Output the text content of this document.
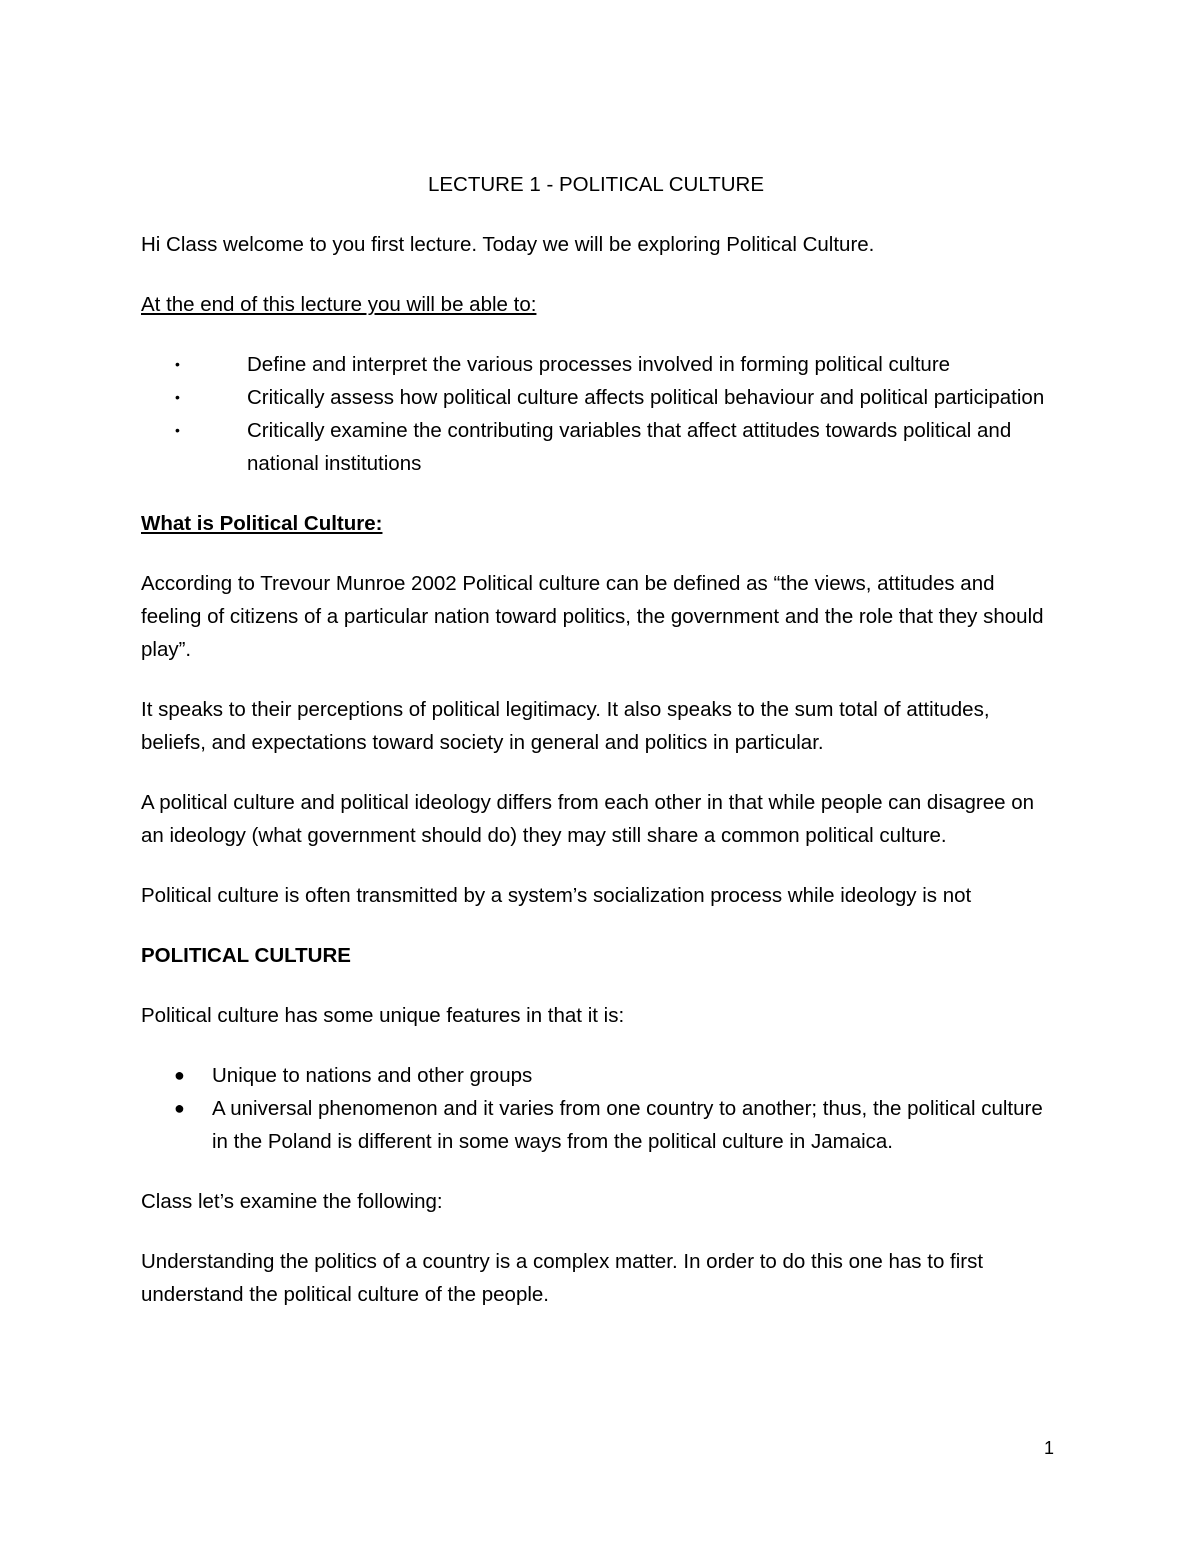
LECTURE 1 - POLITICAL CULTURE

Hi Class welcome to you first lecture. Today we will be exploring Political Culture.

At the end of this lecture you will be able to:

•	Define and interpret the various processes involved in forming political culture
•	Critically assess how political culture affects political behaviour and political participation
•	Critically examine the contributing variables that affect attitudes towards political and national institutions

What is Political Culture:

According to Trevour Munroe 2002 Political culture can be defined as “the views, attitudes and feeling of citizens of a particular nation toward politics, the government and the role that they should play”.

It speaks to their perceptions of political legitimacy. It also speaks to the sum total of attitudes, beliefs, and expectations toward society in general and politics in particular.

A political culture and political ideology differs from each other in that while people can disagree on an ideology (what government should do) they may still share a common political culture.

Political culture is often transmitted by a system’s socialization process while ideology is not

POLITICAL CULTURE

Political culture has some unique features in that it is:

● Unique to nations and other groups
● A universal phenomenon and it varies from one country to another; thus, the political culture in the Poland is different in some ways from the political culture in Jamaica.

Class let’s examine the following:

Understanding the politics of a country is a complex matter. In order to do this one has to first understand the political culture of the people.

1
